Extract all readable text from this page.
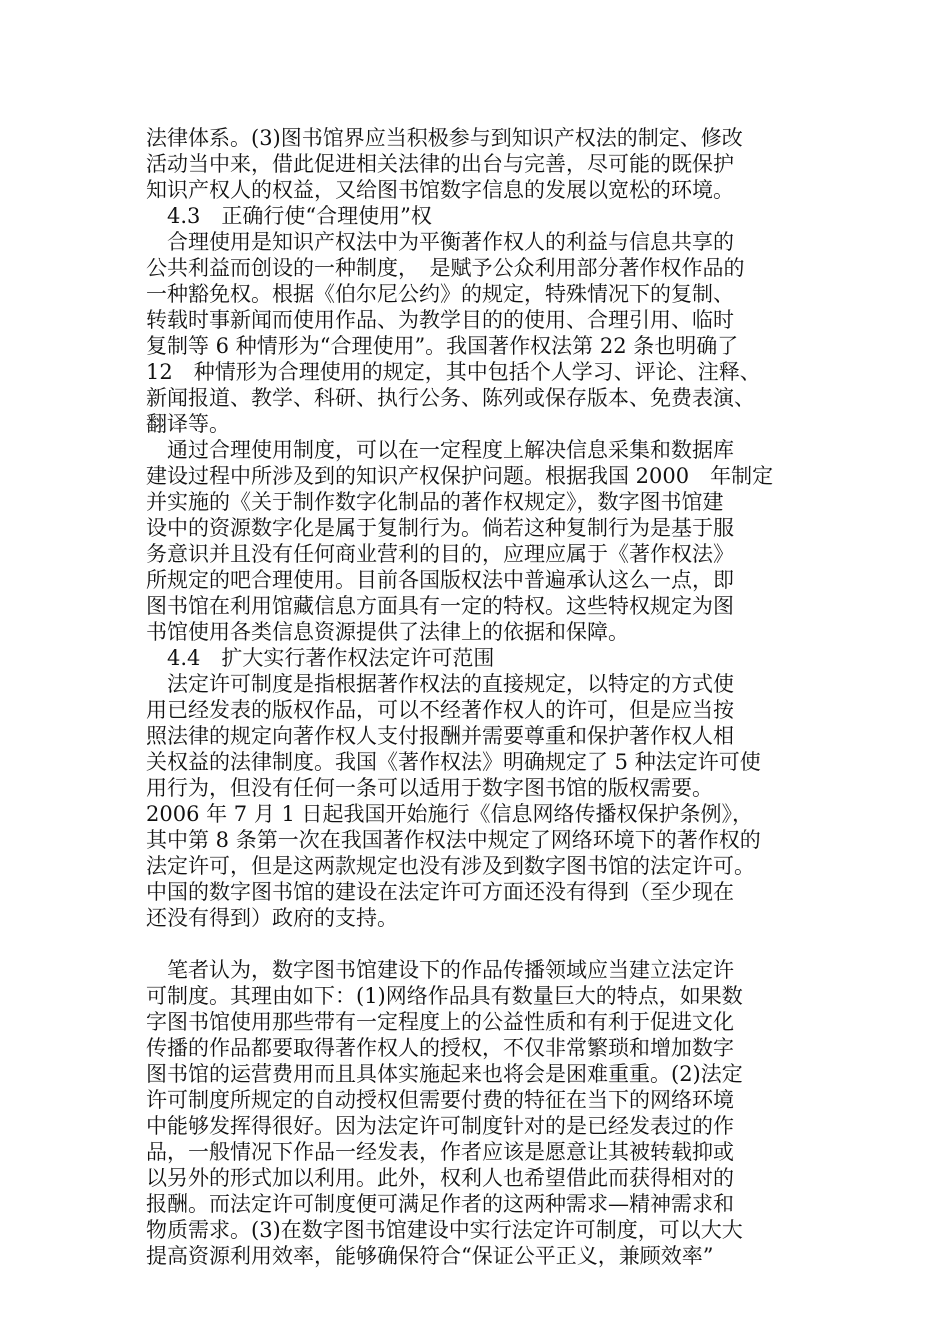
法律体系。(3)图书馆界应当积极参与到知识产权法的制定、修改
活动当中来，借此促进相关法律的出台与完善，尽可能的既保护
知识产权人的权益，又给图书馆数字信息的发展以宽松的环境。
　4.3　正确行使“合理使用”权
　合理使用是知识产权法中为平衡著作权人的利益与信息共享的
公共利益而创设的一种制度，　是赋予公众利用部分著作权作品的
一种豁免权。根据《伯尔尼公约》的规定，特殊情况下的复制、
转载时事新闻而使用作品、为教学目的的使用、合理引用、临时
复制等 6 种情形为“合理使用”。我国著作权法第 22 条也明确了
12　种情形为合理使用的规定，其中包括个人学习、评论、注释、
新闻报道、教学、科研、执行公务、陈列或保存版本、免费表演、
翻译等。
　通过合理使用制度，可以在一定程度上解决信息采集和数据库
建设过程中所涉及到的知识产权保护问题。根据我国 2000　年制定
并实施的《关于制作数字化制品的著作权规定》，数字图书馆建
设中的资源数字化是属于复制行为。倘若这种复制行为是基于服
务意识并且没有任何商业营利的目的，应理应属于《著作权法》
所规定的吧合理使用。目前各国版权法中普遍承认这么一点，即
图书馆在利用馆藏信息方面具有一定的特权。这些特权规定为图
书馆使用各类信息资源提供了法律上的依据和保障。
　4.4　扩大实行著作权法定许可范围
　法定许可制度是指根据著作权法的直接规定，以特定的方式使
用已经发表的版权作品，可以不经著作权人的许可，但是应当按
照法律的规定向著作权人支付报酬并需要尊重和保护著作权人相
关权益的法律制度。我国《著作权法》明确规定了 5 种法定许可使
用行为，但没有任何一条可以适用于数字图书馆的版权需要。
2006 年 7 月 1 日起我国开始施行《信息网络传播权保护条例》，
其中第 8 条第一次在我国著作权法中规定了网络环境下的著作权的
法定许可，但是这两款规定也没有涉及到数字图书馆的法定许可。
中国的数字图书馆的建设在法定许可方面还没有得到（至少现在
还没有得到）政府的支持。
　笔者认为，数字图书馆建设下的作品传播领域应当建立法定许
可制度。其理由如下：(1)网络作品具有数量巨大的特点，如果数
字图书馆使用那些带有一定程度上的公益性质和有利于促进文化
传播的作品都要取得著作权人的授权，不仅非常繁琐和增加数字
图书馆的运营费用而且具体实施起来也将会是困难重重。(2)法定
许可制度所规定的自动授权但需要付费的特征在当下的网络环境
中能够发挥得很好。因为法定许可制度针对的是已经发表过的作
品，一般情况下作品一经发表，作者应该是愿意让其被转载抑或
以另外的形式加以利用。此外，权利人也希望借此而获得相对的
报酬。而法定许可制度便可满足作者的这两种需求—精神需求和
物质需求。(3)在数字图书馆建设中实行法定许可制度，可以大大
提高资源利用效率，能够确保符合“保证公平正义，兼顾效率”
